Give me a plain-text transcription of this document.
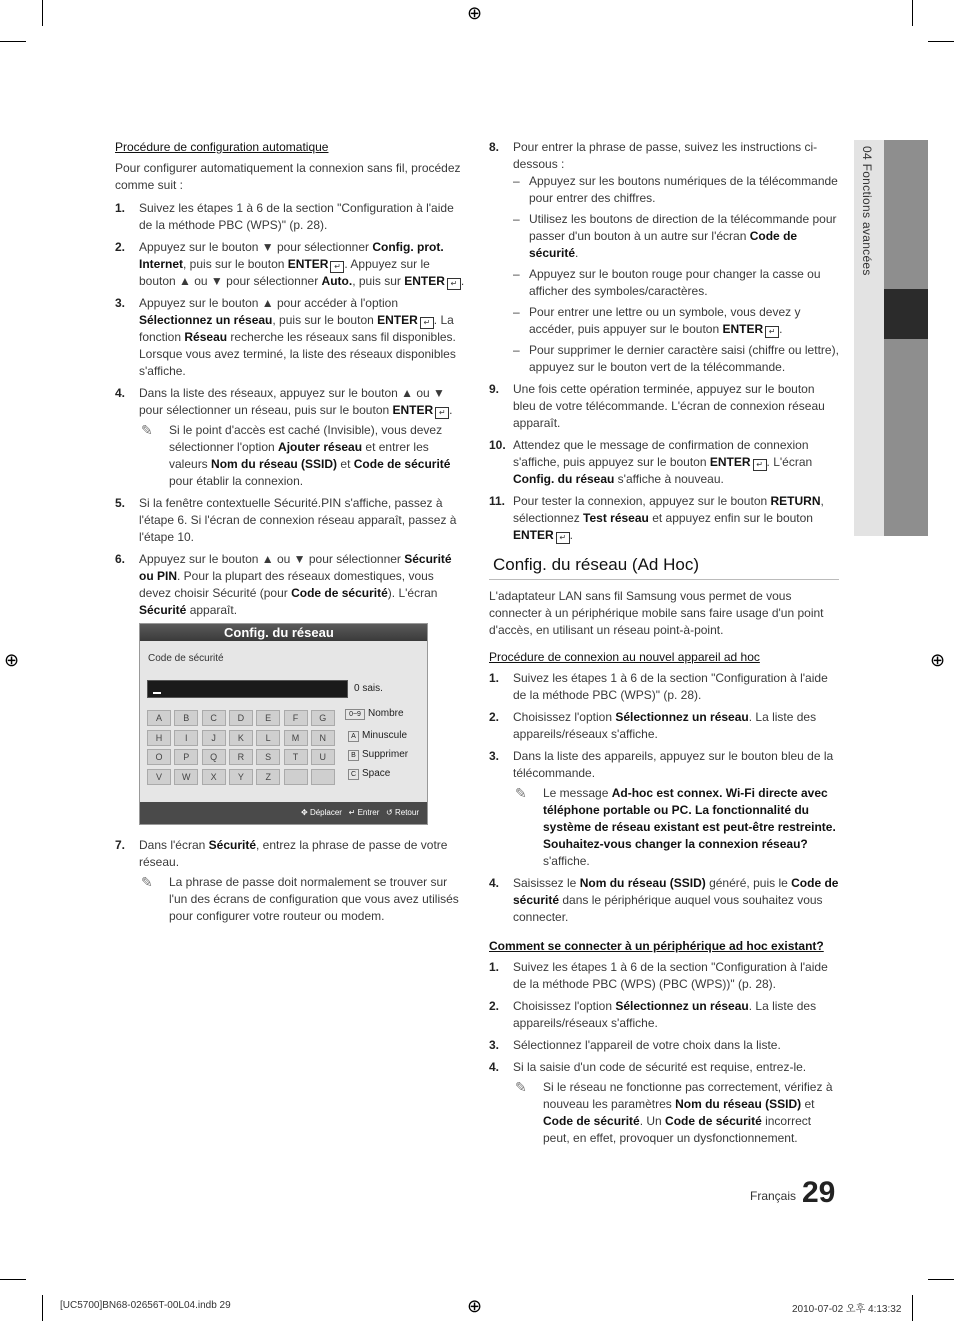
⊕
⊕	⊕
⊕
04 Fonctions avancées
Procédure de configuration automatique
Pour configurer automatiquement la connexion sans fil, procédez comme suit :
1. Suivez les étapes 1 à 6 de la section "Configuration à l'aide de la méthode PBC (WPS)" (p. 28).
2. Appuyez sur le bouton ▼ pour sélectionner Config. prot. Internet, puis sur le bouton ENTER ↵ . Appuyez sur le bouton ▲ ou ▼ pour sélectionner Auto., puis sur ENTER ↵ .
3. Appuyez sur le bouton ▲ pour accéder à l'option Sélectionnez un réseau, puis sur le bouton ENTER ↵ . La fonction Réseau recherche les réseaux sans fil disponibles. Lorsque vous avez terminé, la liste des réseaux disponibles s'affiche.
4. Dans la liste des réseaux, appuyez sur le bouton ▲ ou ▼ pour sélectionner un réseau, puis sur le bouton ENTER ↵ .
✎ Si le point d'accès est caché (Invisible), vous devez sélectionner l'option Ajouter réseau et entrer les valeurs Nom du réseau (SSID) et Code de sécurité pour établir la connexion.
5. Si la fenêtre contextuelle Sécurité.PIN s'affiche, passez à l'étape 6. Si l'écran de connexion réseau apparaît, passez à l'étape 10.
6. Appuyez sur le bouton ▲ ou ▼ pour sélectionner Sécurité ou PIN. Pour la plupart des réseaux domestiques, vous devez choisir Sécurité (pour Code de sécurité). L'écran Sécurité apparaît.
Config. du réseau
Code de sécurité
0 sais.
A	B	C	D	E	F	G
H	I	J	K	L	M	N
O	P	Q	R	S	T	U
V	W	X	Y	Z
0~9 Nombre
A Minuscule
B Supprimer
C Space
✥ Déplacer ↵ Entrer ↺ Retour
7. Dans l'écran Sécurité, entrez la phrase de passe de votre réseau.
✎ La phrase de passe doit normalement se trouver sur l'un des écrans de configuration que vous avez utilisés pour configurer votre routeur ou modem.
8. Pour entrer la phrase de passe, suivez les instructions ci-dessous :
– Appuyez sur les boutons numériques de la télécommande pour entrer des chiffres.
– Utilisez les boutons de direction de la télécommande pour passer d'un bouton à un autre sur l'écran Code de sécurité.
– Appuyez sur le bouton rouge pour changer la casse ou afficher des symboles/caractères.
– Pour entrer une lettre ou un symbole, vous devez y accéder, puis appuyer sur le bouton ENTER ↵ .
– Pour supprimer le dernier caractère saisi (chiffre ou lettre), appuyez sur le bouton vert de la télécommande.
9. Une fois cette opération terminée, appuyez sur le bouton bleu de votre télécommande. L'écran de connexion réseau apparaît.
10. Attendez que le message de confirmation de connexion s'affiche, puis appuyez sur le bouton ENTER ↵ . L'écran Config. du réseau s'affiche à nouveau.
11. Pour tester la connexion, appuyez sur le bouton RETURN, sélectionnez Test réseau et appuyez enfin sur le bouton ENTER ↵ .
Config. du réseau (Ad Hoc)
L'adaptateur LAN sans fil Samsung vous permet de vous connecter à un périphérique mobile sans faire usage d'un point d'accès, en utilisant un réseau point-à-point.
Procédure de connexion au nouvel appareil ad hoc
1. Suivez les étapes 1 à 6 de la section "Configuration à l'aide de la méthode PBC (WPS)" (p. 28).
2. Choisissez l'option Sélectionnez un réseau. La liste des appareils/réseaux s'affiche.
3. Dans la liste des appareils, appuyez sur le bouton bleu de la télécommande.
✎ Le message Ad-hoc est connex. Wi-Fi directe avec téléphone portable ou PC. La fonctionnalité du système de réseau existant est peut-être restreinte. Souhaitez-vous changer la connexion réseau? s'affiche.
4. Saisissez le Nom du réseau (SSID) généré, puis le Code de sécurité dans le périphérique auquel vous souhaitez vous connecter.
Comment se connecter à un périphérique ad hoc existant?
1. Suivez les étapes 1 à 6 de la section "Configuration à l'aide de la méthode PBC (WPS) (PBC (WPS))" (p. 28).
2. Choisissez l'option Sélectionnez un réseau. La liste des appareils/réseaux s'affiche.
3. Sélectionnez l'appareil de votre choix dans la liste.
4. Si la saisie d'un code de sécurité est requise, entrez-le.
✎ Si le réseau ne fonctionne pas correctement, vérifiez à nouveau les paramètres Nom du réseau (SSID) et Code de sécurité. Un Code de sécurité incorrect peut, en effet, provoquer un dysfonctionnement.
Français 29
[UC5700]BN68-02656T-00L04.indb 29	2010-07-02 오후 4:13:32
